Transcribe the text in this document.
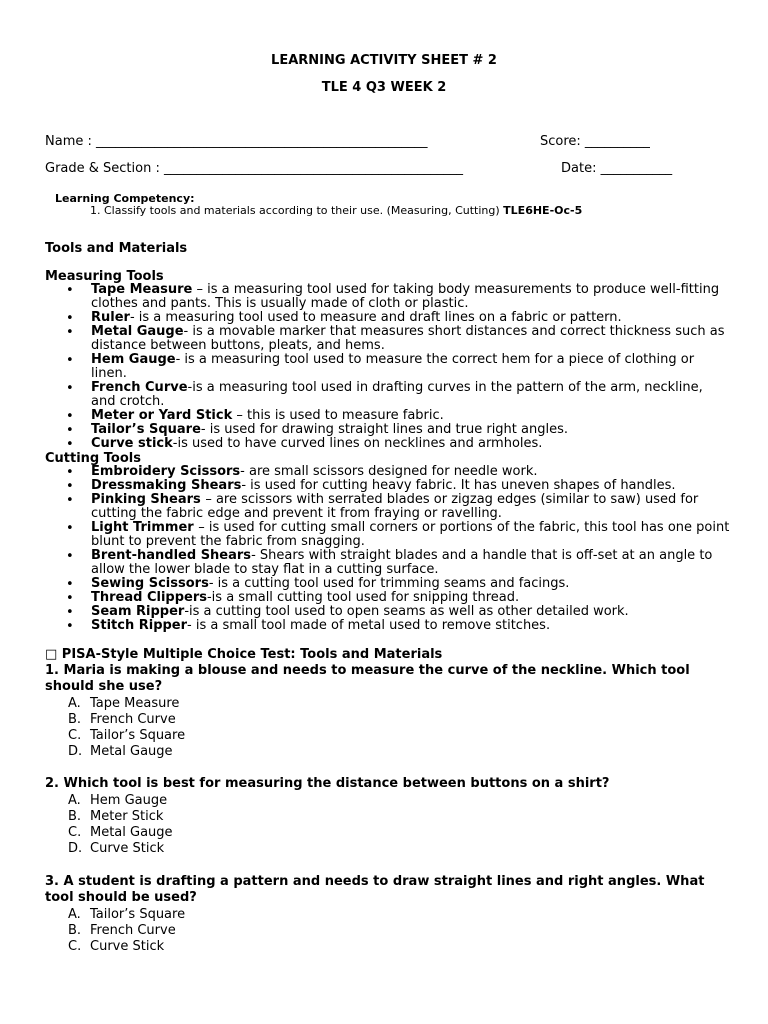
LEARNING ACTIVITY SHEET # 2
TLE 4 Q3 WEEK 2
Name : ___________________________________________________	Score: __________
Grade & Section : ______________________________________________	Date: ___________
Learning Competency:
1. Classify tools and materials according to their use. (Measuring, Cutting) TLE6HE-Oc-5
Tools and Materials
Measuring Tools
• Tape Measure – is a measuring tool used for taking body measurements to produce well-fitting clothes and pants. This is usually made of cloth or plastic.
• Ruler- is a measuring tool used to measure and draft lines on a fabric or pattern.
• Metal Gauge- is a movable marker that measures short distances and correct thickness such as distance between buttons, pleats, and hems.
• Hem Gauge- is a measuring tool used to measure the correct hem for a piece of clothing or linen.
• French Curve-is a measuring tool used in drafting curves in the pattern of the arm, neckline, and crotch.
• Meter or Yard Stick – this is used to measure fabric.
• Tailor’s Square- is used for drawing straight lines and true right angles.
• Curve stick-is used to have curved lines on necklines and armholes.
Cutting Tools
• Embroidery Scissors- are small scissors designed for needle work.
• Dressmaking Shears- is used for cutting heavy fabric. It has uneven shapes of handles.
• Pinking Shears – are scissors with serrated blades or zigzag edges (similar to saw) used for cutting the fabric edge and prevent it from fraying or ravelling.
• Light Trimmer – is used for cutting small corners or portions of the fabric, this tool has one point blunt to prevent the fabric from snagging.
• Brent-handled Shears- Shears with straight blades and a handle that is off-set at an angle to allow the lower blade to stay flat in a cutting surface.
• Sewing Scissors- is a cutting tool used for trimming seams and facings.
• Thread Clippers-is a small cutting tool used for snipping thread.
• Seam Ripper-is a cutting tool used to open seams as well as other detailed work.
• Stitch Ripper- is a small tool made of metal used to remove stitches.
□ PISA-Style Multiple Choice Test: Tools and Materials
1. Maria is making a blouse and needs to measure the curve of the neckline. Which tool should she use?
A. Tape Measure
B. French Curve
C. Tailor’s Square
D. Metal Gauge
2. Which tool is best for measuring the distance between buttons on a shirt?
A. Hem Gauge
B. Meter Stick
C. Metal Gauge
D. Curve Stick
3. A student is drafting a pattern and needs to draw straight lines and right angles. What tool should be used?
A. Tailor’s Square
B. French Curve
C. Curve Stick
